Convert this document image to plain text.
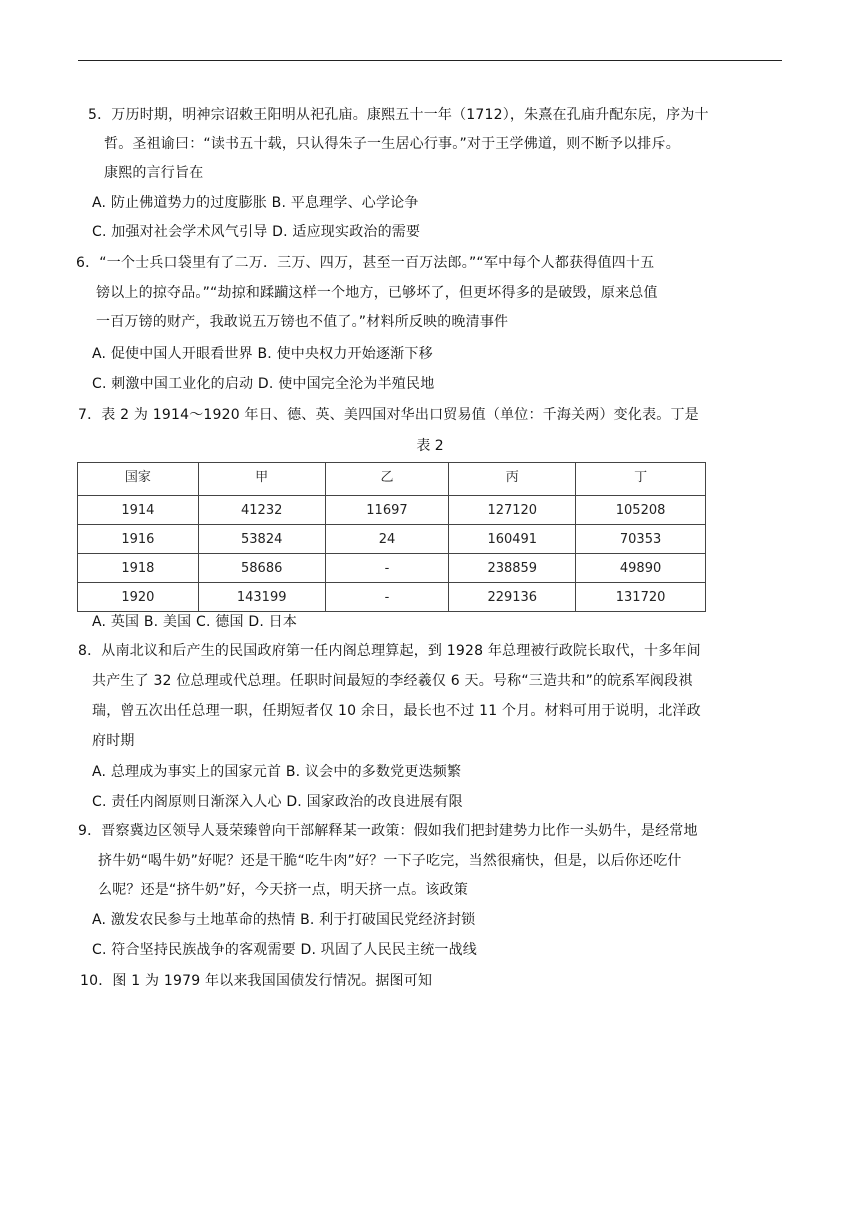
5．万历时期，明神宗诏敕王阳明从祀孔庙。康熙五十一年（1712），朱熹在孔庙升配东庑，序为十
哲。圣祖谕曰：“读书五十载，只认得朱子一生居心行事。”对于王学佛道，则不断予以排斥。
康熙的言行旨在
A. 防止佛道势力的过度膨胀 B. 平息理学、心学论争
C. 加强对社会学术风气引导 D. 适应现实政治的需要
6．“一个士兵口袋里有了二万．三万、四万，甚至一百万法郎。”“军中每个人都获得值四十五
镑以上的掠夺品。”“劫掠和蹂躏这样一个地方，已够坏了，但更坏得多的是破毁，原来总值
一百万镑的财产，我敢说五万镑也不值了。”材料所反映的晚清事件
A. 促使中国人开眼看世界 B. 使中央权力开始逐渐下移
C. 刺激中国工业化的启动 D. 使中国完全沦为半殖民地
7．表 2 为 1914～1920 年日、德、英、美四国对华出口贸易值（单位：千海关两）变化表。丁是
表 2
国家	甲	乙	丙	丁
1914	41232	11697	127120	105208
1916	53824	24	160491	70353
1918	58686	-	238859	49890
1920	143199	-	229136	131720
A. 英国 B. 美国 C. 德国 D. 日本
8．从南北议和后产生的民国政府第一任内阁总理算起，到 1928 年总理被行政院长取代，十多年间
共产生了 32 位总理或代总理。任职时间最短的李经羲仅 6 天。号称“三造共和”的皖系军阀段祺
瑞，曾五次出任总理一职，任期短者仅 10 余日，最长也不过 11 个月。材料可用于说明，北洋政
府时期
A. 总理成为事实上的国家元首 B. 议会中的多数党更迭频繁
C. 责任内阁原则日渐深入人心 D. 国家政治的改良进展有限
9．晋察冀边区领导人聂荣臻曾向干部解释某一政策：假如我们把封建势力比作一头奶牛，是经常地
挤牛奶“喝牛奶”好呢？还是干脆“吃牛肉”好？一下子吃完，当然很痛快，但是，以后你还吃什
么呢？还是“挤牛奶”好，今天挤一点，明天挤一点。该政策
A. 激发农民参与土地革命的热情 B. 利于打破国民党经济封锁
C. 符合坚持民族战争的客观需要 D. 巩固了人民民主统一战线
10．图 1 为 1979 年以来我国国债发行情况。据图可知
